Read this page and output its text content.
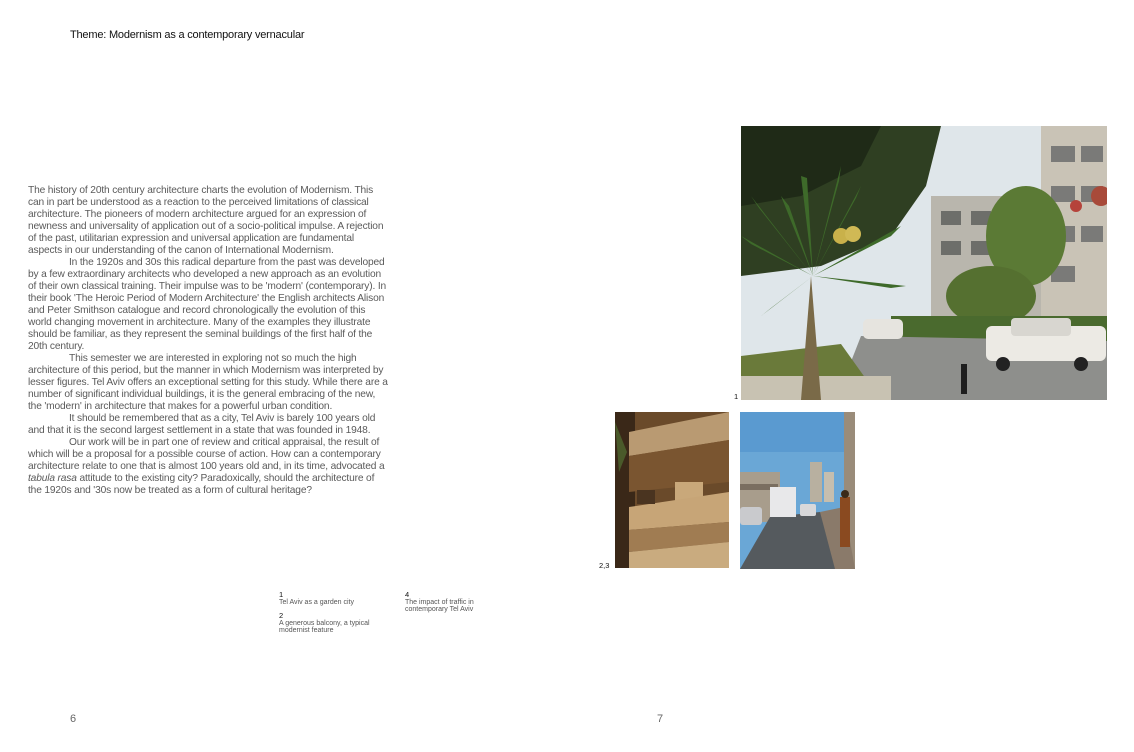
Theme: Modernism as a contemporary vernacular

The history of 20th century architecture charts the evolution of Modernism. This can in part be understood as a reaction to the perceived limitations of classical architecture. The pioneers of modern architecture argued for an expression of newness and universality of application out of a socio-political impulse. A rejection of the past, utilitarian expression and universal application are fundamental aspects in our understanding of the canon of International Modernism.

In the 1920s and 30s this radical departure from the past was developed by a few extraordinary architects who developed a new approach as an evolution of their own classical training. Their impulse was to be 'modern' (contemporary). In their book 'The Heroic Period of Modern Architecture' the English architects Alison and Peter Smithson catalogue and record chronologically the evolution of this world changing movement in architecture. Many of the examples they illustrate should be familiar, as they represent the seminal buildings of the first half of the 20th century.

This semester we are interested in exploring not so much the high architecture of this period, but the manner in which Modernism was interpreted by lesser figures. Tel Aviv offers an exceptional setting for this study. While there are a number of significant individual buildings, it is the general embracing of the new, the 'modern' in architecture that makes for a powerful urban condition.

It should be remembered that as a city, Tel Aviv is barely 100 years old and that it is the second largest settlement in a state that was founded in 1948.

Our work will be in part one of review and critical appraisal, the result of which will be a proposal for a possible course of action. How can a contemporary architecture relate to one that is almost 100 years old and, in its time, advocated a tabula rasa attitude to the existing city? Paradoxically, should the architecture of the 1920s and '30s now be treated as a form of cultural heritage?

1
Tel Aviv as a garden city
2
A generous balcony, a typical modernist feature
4
The impact of traffic in contemporary Tel Aviv
1
2,3
6	7
